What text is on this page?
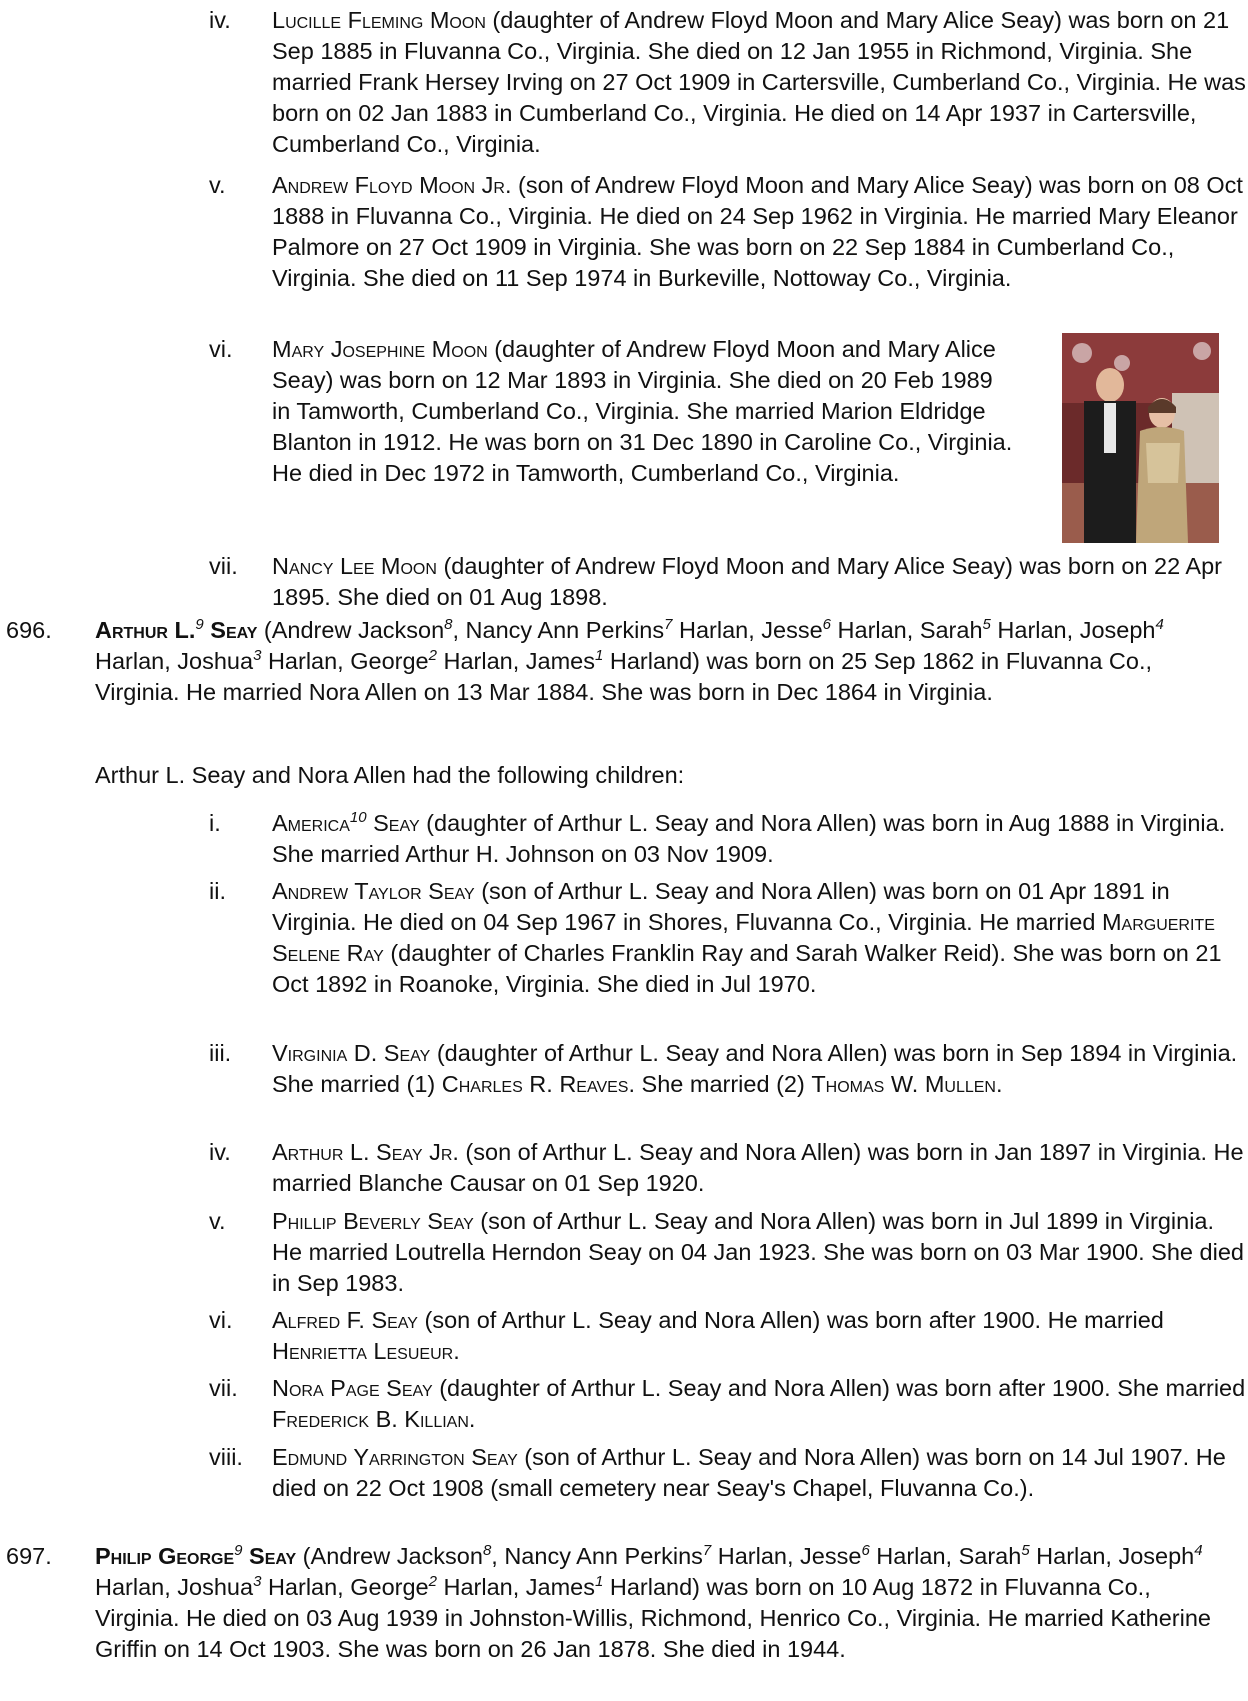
iv. Lucille Fleming Moon (daughter of Andrew Floyd Moon and Mary Alice Seay) was born on 21 Sep 1885 in Fluvanna Co., Virginia. She died on 12 Jan 1955 in Richmond, Virginia. She married Frank Hersey Irving on 27 Oct 1909 in Cartersville, Cumberland Co., Virginia. He was born on 02 Jan 1883 in Cumberland Co., Virginia. He died on 14 Apr 1937 in Cartersville, Cumberland Co., Virginia.
v. Andrew Floyd Moon Jr. (son of Andrew Floyd Moon and Mary Alice Seay) was born on 08 Oct 1888 in Fluvanna Co., Virginia. He died on 24 Sep 1962 in Virginia. He married Mary Eleanor Palmore on 27 Oct 1909 in Virginia. She was born on 22 Sep 1884 in Cumberland Co., Virginia. She died on 11 Sep 1974 in Burkeville, Nottoway Co., Virginia.
vi. Mary Josephine Moon (daughter of Andrew Floyd Moon and Mary Alice Seay) was born on 12 Mar 1893 in Virginia. She died on 20 Feb 1989 in Tamworth, Cumberland Co., Virginia. She married Marion Eldridge Blanton in 1912. He was born on 31 Dec 1890 in Caroline Co., Virginia. He died in Dec 1972 in Tamworth, Cumberland Co., Virginia.
vii. Nancy Lee Moon (daughter of Andrew Floyd Moon and Mary Alice Seay) was born on 22 Apr 1895. She died on 01 Aug 1898.
696. Arthur L.$^9$ Seay (Andrew Jackson$^8$, Nancy Ann Perkins$^7$ Harlan, Jesse$^6$ Harlan, Sarah$^5$ Harlan, Joseph$^4$ Harlan, Joshua$^3$ Harlan, George$^2$ Harlan, James$^1$ Harland) was born on 25 Sep 1862 in Fluvanna Co., Virginia. He married Nora Allen on 13 Mar 1884. She was born in Dec 1864 in Virginia.
Arthur L. Seay and Nora Allen had the following children:
i. America$^{10}$ Seay (daughter of Arthur L. Seay and Nora Allen) was born in Aug 1888 in Virginia. She married Arthur H. Johnson on 03 Nov 1909.
ii. Andrew Taylor Seay (son of Arthur L. Seay and Nora Allen) was born on 01 Apr 1891 in Virginia. He died on 04 Sep 1967 in Shores, Fluvanna Co., Virginia. He married Marguerite Selene Ray (daughter of Charles Franklin Ray and Sarah Walker Reid). She was born on 21 Oct 1892 in Roanoke, Virginia. She died in Jul 1970.
iii. Virginia D. Seay (daughter of Arthur L. Seay and Nora Allen) was born in Sep 1894 in Virginia. She married (1) Charles R. Reaves. She married (2) Thomas W. Mullen.
iv. Arthur L. Seay Jr. (son of Arthur L. Seay and Nora Allen) was born in Jan 1897 in Virginia. He married Blanche Causar on 01 Sep 1920.
v. Phillip Beverly Seay (son of Arthur L. Seay and Nora Allen) was born in Jul 1899 in Virginia. He married Loutrella Herndon Seay on 04 Jan 1923. She was born on 03 Mar 1900. She died in Sep 1983.
vi. Alfred F. Seay (son of Arthur L. Seay and Nora Allen) was born after 1900. He married Henrietta Lesueur.
vii. Nora Page Seay (daughter of Arthur L. Seay and Nora Allen) was born after 1900. She married Frederick B. Killian.
viii. Edmund Yarrington Seay (son of Arthur L. Seay and Nora Allen) was born on 14 Jul 1907. He died on 22 Oct 1908 (small cemetery near Seay's Chapel, Fluvanna Co.).
697. Philip George$^9$ Seay (Andrew Jackson$^8$, Nancy Ann Perkins$^7$ Harlan, Jesse$^6$ Harlan, Sarah$^5$ Harlan, Joseph$^4$ Harlan, Joshua$^3$ Harlan, George$^2$ Harlan, James$^1$ Harland) was born on 10 Aug 1872 in Fluvanna Co., Virginia. He died on 03 Aug 1939 in Johnston-Willis, Richmond, Henrico Co., Virginia. He married Katherine Griffin on 14 Oct 1903. She was born on 26 Jan 1878. She died in 1944.
